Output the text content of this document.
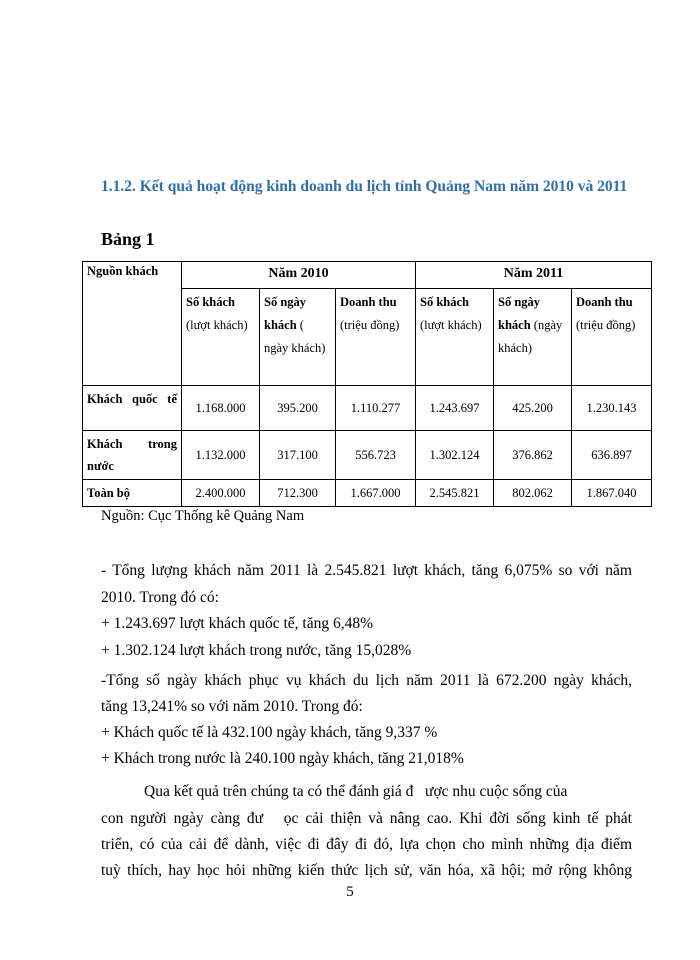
1.1.2. Kết quả hoạt động kinh doanh du lịch tỉnh Quảng Nam năm 2010 và 2011
Bảng 1
Nguồn khách	Năm 2010			Năm 2011		
	Số khách (lượt khách)	Số ngày khách ( ngày khách)	Doanh thu (triệu đồng)	Số khách (lượt khách)	Số ngày khách (ngày khách)	Doanh thu (triệu đồng)
Khách quốc tế	1.168.000	395.200	1.110.277	1.243.697	425.200	1.230.143
Khách trong nước	1.132.000	317.100	556.723	1.302.124	376.862	636.897
Toàn bộ	2.400.000	712.300	1.667.000	2.545.821	802.062	1.867.040
Nguồn: Cục Thống kê Quảng Nam
- Tổng lượng khách năm 2011 là 2.545.821 lượt khách, tăng 6,075% so với năm
2010. Trong đó có:
+ 1.243.697 lượt khách quốc tế, tăng 6,48%
+ 1.302.124 lượt khách trong nước, tăng 15,028%
-Tổng số ngày khách phục vụ khách du lịch năm 2011 là 672.200 ngày khách,
tăng 13,241% so với năm 2010. Trong đó:
+ Khách quốc tế là 432.100 ngày khách, tăng 9,337 %
+ Khách trong nước là 240.100 ngày khách, tăng 21,018%
Qua kết quả trên chúng ta có thể đánh giá đ   ược nhu cuộc sống của
con người ngày càng đư   ọc cải thiện và nâng cao. Khi đời sống kinh tế phát
triển, có của cải để dành, việc đi đây đi đó, lựa chọn cho mình những địa điểm
tuỳ thích, hay học hỏi những kiến thức lịch sử, văn hóa, xã hội; mở rộng không
5
